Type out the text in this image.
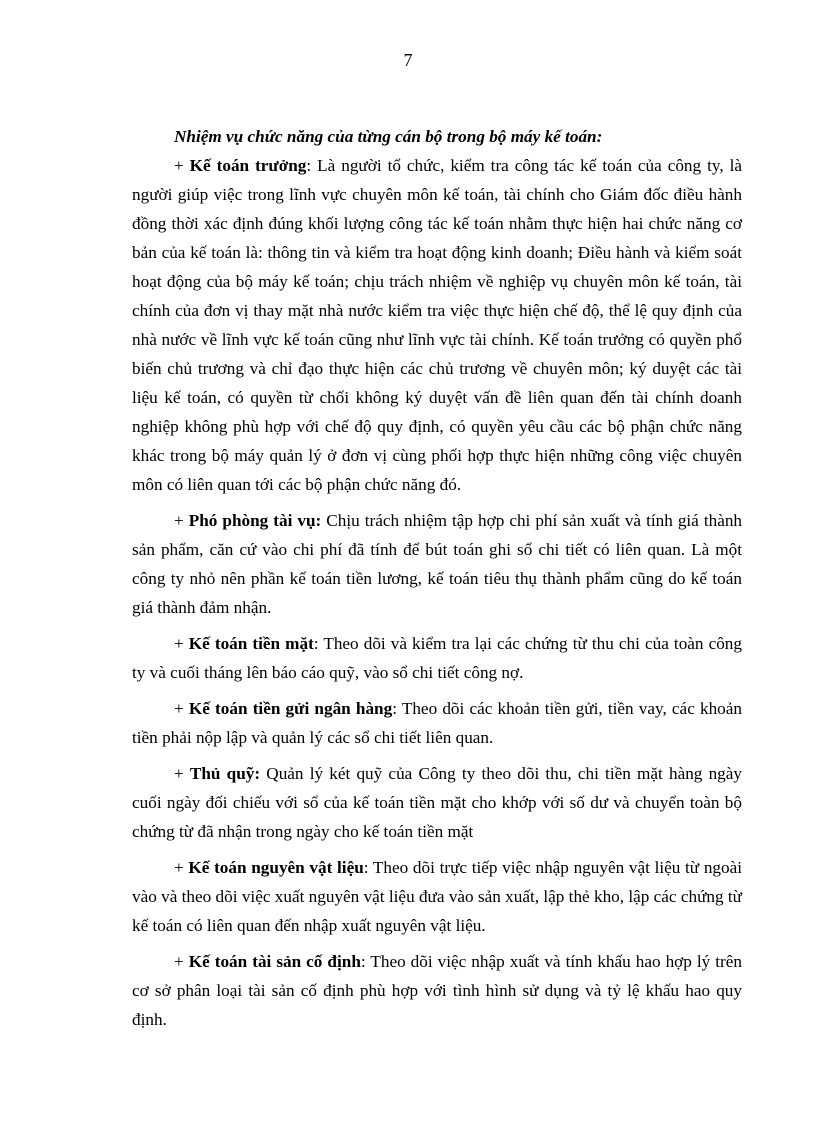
7

Nhiệm vụ chức năng của từng cán bộ trong bộ máy kế toán:

+ Kế toán trưởng: Là người tổ chức, kiểm tra công tác kế toán của công ty, là người giúp việc trong lĩnh vực chuyên môn kế toán, tài chính cho Giám đốc điều hành đồng thời xác định đúng khối lượng công tác kế toán nhằm thực hiện hai chức năng cơ bản của kế toán là: thông tin và kiểm tra hoạt động kinh doanh; Điều hành và kiểm soát hoạt động của bộ máy kế toán; chịu trách nhiệm về nghiệp vụ chuyên môn kế toán, tài chính của đơn vị thay mặt nhà nước kiểm tra việc thực hiện chế độ, thể lệ quy định của nhà nước về lĩnh vực kế toán cũng như lĩnh vực tài chính. Kế toán trưởng có quyền phổ biến chủ trương và chỉ đạo thực hiện các chủ trương về chuyên môn; ký duyệt các tài liệu kế toán, có quyền từ chối không ký duyệt vấn đề liên quan đến tài chính doanh nghiệp không phù hợp với chế độ quy định, có quyền yêu cầu các bộ phận chức năng khác trong bộ máy quản lý ở đơn vị cùng phối hợp thực hiện những công việc chuyên môn có liên quan tới các bộ phận chức năng đó.

+ Phó phòng tài vụ: Chịu trách nhiệm tập hợp chi phí sản xuất và tính giá thành sản phẩm, căn cứ vào chi phí đã tính để bút toán ghi sổ chi tiết có liên quan. Là một công ty nhỏ nên phần kế toán tiền lương, kế toán tiêu thụ thành phẩm cũng do kế toán giá thành đảm nhận.

+ Kế toán tiền mặt: Theo dõi và kiểm tra lại các chứng từ thu chi của toàn công ty và cuối tháng lên báo cáo quỹ, vào sổ chi tiết công nợ.

+ Kế toán tiền gửi ngân hàng: Theo dõi các khoản tiền gửi, tiền vay, các khoản tiền phải nộp lập và quản lý các sổ chi tiết liên quan.

+ Thủ quỹ: Quản lý két quỹ của Công ty theo dõi thu, chi tiền mặt hàng ngày cuối ngày đối chiếu với sổ của kế toán tiền mặt cho khớp với số dư và chuyển toàn bộ chứng từ đã nhận trong ngày cho kế toán tiền mặt

+ Kế toán nguyên vật liệu: Theo dõi trực tiếp việc nhập nguyên vật liệu từ ngoài vào và theo dõi việc xuất nguyên vật liệu đưa vào sản xuất, lập thẻ kho, lập các chứng từ kế toán có liên quan đến nhập xuất nguyên vật liệu.

+ Kế toán tài sản cố định: Theo dõi việc nhập xuất và tính khấu hao hợp lý trên cơ sở phân loại tài sản cố định phù hợp với tình hình sử dụng và tỷ lệ khấu hao quy định.
